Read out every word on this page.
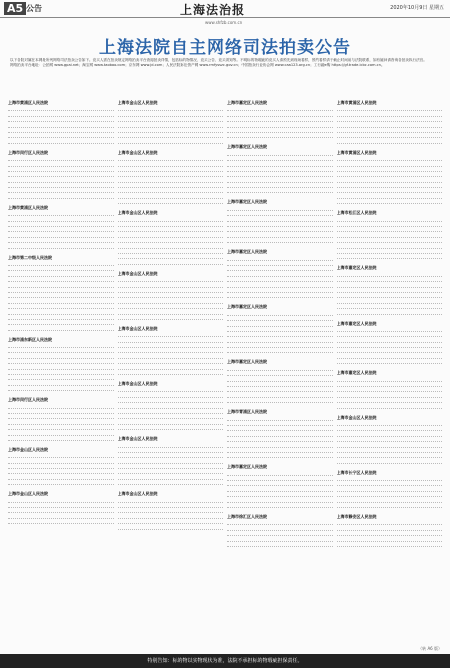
A5 公告	上海法治报	2020年10月9日 星期五
www.shfzb.com.cn
上海法院自主网络司法拍卖公告

以下各院对属在本网址所列网络司法拍卖公告如下。竞买人需在拍卖规定网络拍卖平台查阅拍卖详情，包括标的物情况、竞买公告、竞买须知等。不明标的物瑕疵的竞买人请预先到现场看样，预约看样请于截止时间前与法院联系，如有疑问请咨询各拍卖执行法官。

网络拍卖平台地址：公拍网 www.gpai.net；淘宝网 www.taobao.com；京东网 www.jd.com；人民法院诉讼资产网 www.rmfysszc.gov.cn；中国拍卖行业协会网 www.caa123.org.cn；工行融e购 https://gf.trade.icbc.com.cn。

上海市黄浦区人民法院
上海市闵行区人民法院
上海市黄浦区人民法院
上海市第二中级人民法院
上海市浦东新区人民法院
上海市闵行区人民法院
上海市金山区人民法院
上海市金山区人民法院
上海市金山区人民法院
上海市金山区人民法院
上海市金山区人民法院
上海市金山区人民法院
上海市金山区人民法院
上海市金山区人民法院
上海市金山区人民法院
上海市金山区人民法院
上海市嘉定区人民法院
上海市嘉定区人民法院
上海市嘉定区人民法院
上海市嘉定区人民法院
上海市嘉定区人民法院
上海市嘉定区人民法院
上海市青浦区人民法院
上海市嘉定区人民法院
上海市徐汇区人民法院
上海市黄浦区人民法院
上海市黄浦区人民法院
上海市松江区人民法院
上海市嘉定区人民法院
上海市嘉定区人民法院
上海市嘉定区人民法院
上海市金山区人民法院
上海市长宁区人民法院
上海市静安区人民法院
（转 A6 版）
特别告知：标的物以实物现状为准，法院不承担标的物瑕疵担保责任。
